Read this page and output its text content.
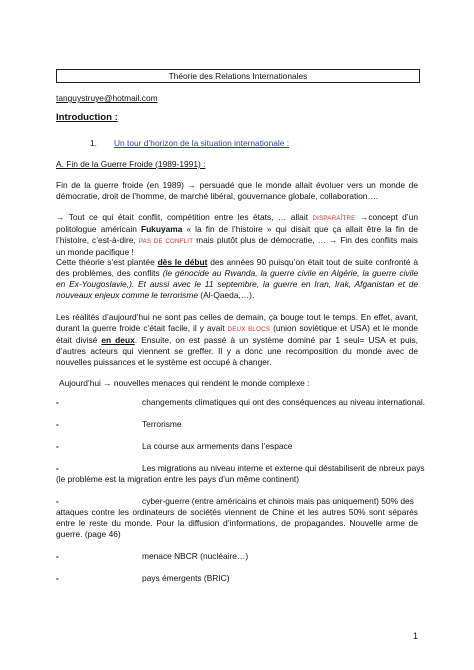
Théorie des Relations Internationales
tanguystruye@hotmail.com
Introduction :
1. Un tour d’horizon de la situation internationale :
A. Fin de la Guerre Froide (1989-1991) :

Fin de la guerre froide (en 1989) → persuadé que le monde allait évoluer vers un monde de démocratie, droit de l’homme, de marché libéral, gouvernance globale, collaboration….

→ Tout ce qui était conflit, compétition entre les états, … allait DISPARAÎTRE →concept d’un politologue américain Fukuyama « la fin de l’histoire » qui disait que ça allait être la fin de l’histoire, c’est-à-dire, PAS DE CONFLIT mais plutôt plus de démocratie, … → Fin des conflits mais un monde pacifique !

Cette théorie s’est plantée dès le début des années 90 puisqu’on était tout de suite confronté à des problèmes, des conflits (le génocide au Rwanda, la guerre civile en Algérie, la guerre civile en Ex-Yougoslavie,). Et aussi avec le 11 septembre, la guerre en Iran, Irak, Afganistan et de nouveaux enjeux comme le terrorisme (Al-Qaeda,…).

Les réalités d’aujourd’hui ne sont pas celles de demain, ça bouge tout le temps. En effet, avant, durant la guerre froide c’était facile, il y avait DEUX BLOCS (union soviétique et USA) et le monde était divisé en deux. Ensuite, on est passé à un système dominé par 1 seul= USA et puis, d’autres acteurs qui viennent se greffer. Il y a donc une recomposition du monde avec de nouvelles puissances et le système est occupé à changer.

Aujourd’hui → nouvelles menaces qui rendent le monde complexe :
-	changements climatiques qui ont des conséquences au niveau international.
-	Terrorisme
-	La course aux armements dans l’espace
-	Les migrations au niveau interne et externe qui déstabilisent de nbreux pays
(le problème est la migration entre les pays d’un même continent)
-	cyber-guerre (entre américains et chinois mais pas uniquement) 50% des

attaques contre les ordinateurs de sociétés viennent de Chine et les autres 50% sont séparés entre le reste du monde. Pour la diffusion d’informations, de propagandes. Nouvelle arme de guerre. (page 46)

-	menace NBCR (nucléaire…)
-	pays émergents (BRIC)
1
